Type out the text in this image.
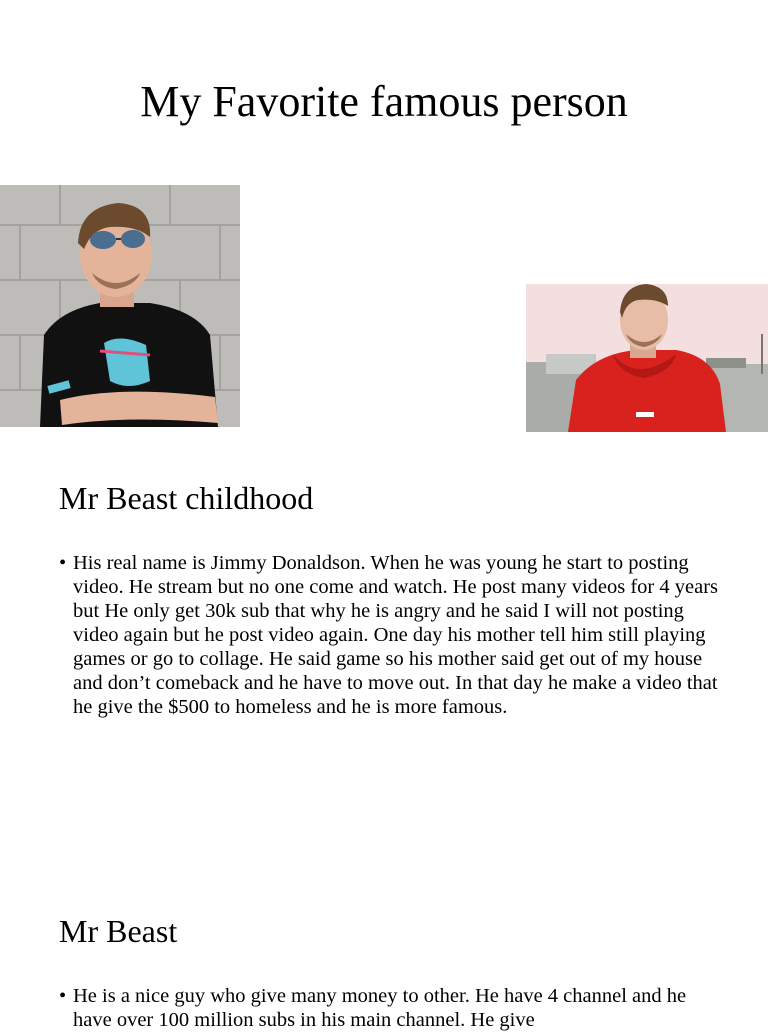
My Favorite famous person
Mr Beast childhood
• His real name is Jimmy Donaldson. When he was young he start to posting video. He stream but no one come and watch. He post many videos for 4 years but He only get 30k sub that why he is angry and he said I will not posting video again but he post video again. One day his mother tell him still playing games or go to collage. He said game so his mother said get out of my house and don’t comeback and he have to move out. In that day he make a video that he give the $500 to homeless and he is more famous.
Mr Beast
• He is a nice guy who give many money to other. He have 4 channel and he have over 100 million subs in his main channel. He give
